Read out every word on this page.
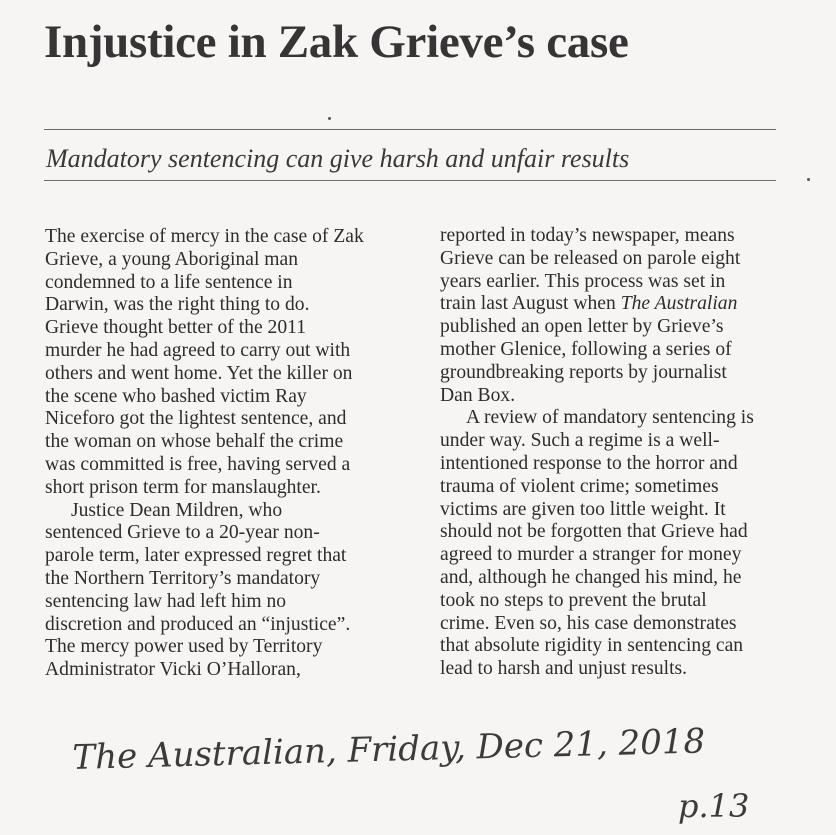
Injustice in Zak Grieve’s case

Mandatory sentencing can give harsh and unfair results

The exercise of mercy in the case of Zak
Grieve, a young Aboriginal man
condemned to a life sentence in
Darwin, was the right thing to do.
Grieve thought better of the 2011
murder he had agreed to carry out with
others and went home. Yet the killer on
the scene who bashed victim Ray
Niceforo got the lightest sentence, and
the woman on whose behalf the crime
was committed is free, having served a
short prison term for manslaughter.
Justice Dean Mildren, who
sentenced Grieve to a 20-year non-
parole term, later expressed regret that
the Northern Territory’s mandatory
sentencing law had left him no
discretion and produced an “injustice”.
The mercy power used by Territory
Administrator Vicki O’Halloran,
reported in today’s newspaper, means
Grieve can be released on parole eight
years earlier. This process was set in
train last August when The Australian
published an open letter by Grieve’s
mother Glenice, following a series of
groundbreaking reports by journalist
Dan Box.
A review of mandatory sentencing is
under way. Such a regime is a well-
intentioned response to the horror and
trauma of violent crime; sometimes
victims are given too little weight. It
should not be forgotten that Grieve had
agreed to murder a stranger for money
and, although he changed his mind, he
took no steps to prevent the brutal
crime. Even so, his case demonstrates
that absolute rigidity in sentencing can
lead to harsh and unjust results.

The Australian, Friday, Dec 21, 2018

p.13
